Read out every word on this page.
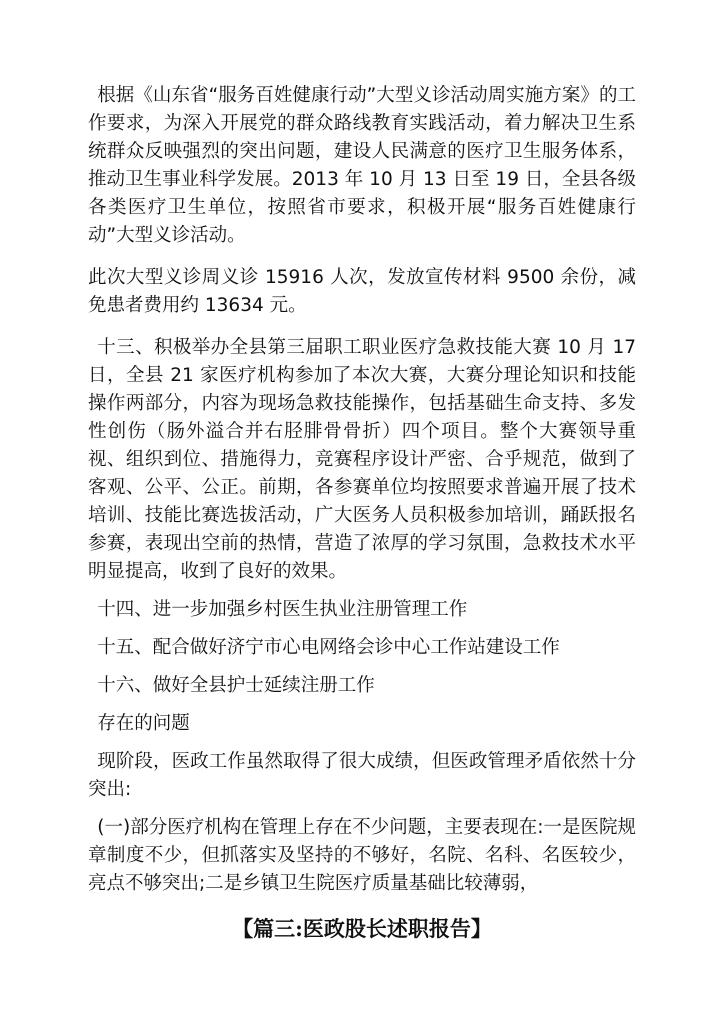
根据《山东省“服务百姓健康行动”大型义诊活动周实施方案》的工作要求，为深入开展党的群众路线教育实践活动，着力解决卫生系统群众反映强烈的突出问题，建设人民满意的医疗卫生服务体系，推动卫生事业科学发展。2013 年 10 月 13 日至 19 日，全县各级各类医疗卫生单位，按照省市要求，积极开展“服务百姓健康行动”大型义诊活动。

此次大型义诊周义诊 15916 人次，发放宣传材料 9500 余份，减免患者费用约 13634 元。

十三、积极举办全县第三届职工职业医疗急救技能大赛 10 月 17 日，全县 21 家医疗机构参加了本次大赛，大赛分理论知识和技能操作两部分，内容为现场急救技能操作，包括基础生命支持、多发性创伤（肠外溢合并右胫腓骨骨折）四个项目。整个大赛领导重视、组织到位、措施得力，竞赛程序设计严密、合乎规范，做到了客观、公平、公正。前期，各参赛单位均按照要求普遍开展了技术培训、技能比赛选拔活动，广大医务人员积极参加培训，踊跃报名参赛，表现出空前的热情，营造了浓厚的学习氛围，急救技术水平明显提高，收到了良好的效果。

十四、进一步加强乡村医生执业注册管理工作

十五、配合做好济宁市心电网络会诊中心工作站建设工作

十六、做好全县护士延续注册工作

存在的问题

现阶段，医政工作虽然取得了很大成绩，但医政管理矛盾依然十分突出:

(一)部分医疗机构在管理上存在不少问题，主要表现在:一是医院规章制度不少，但抓落实及坚持的不够好，名院、名科、名医较少，亮点不够突出;二是乡镇卫生院医疗质量基础比较薄弱，

【篇三:医政股长述职报告】
